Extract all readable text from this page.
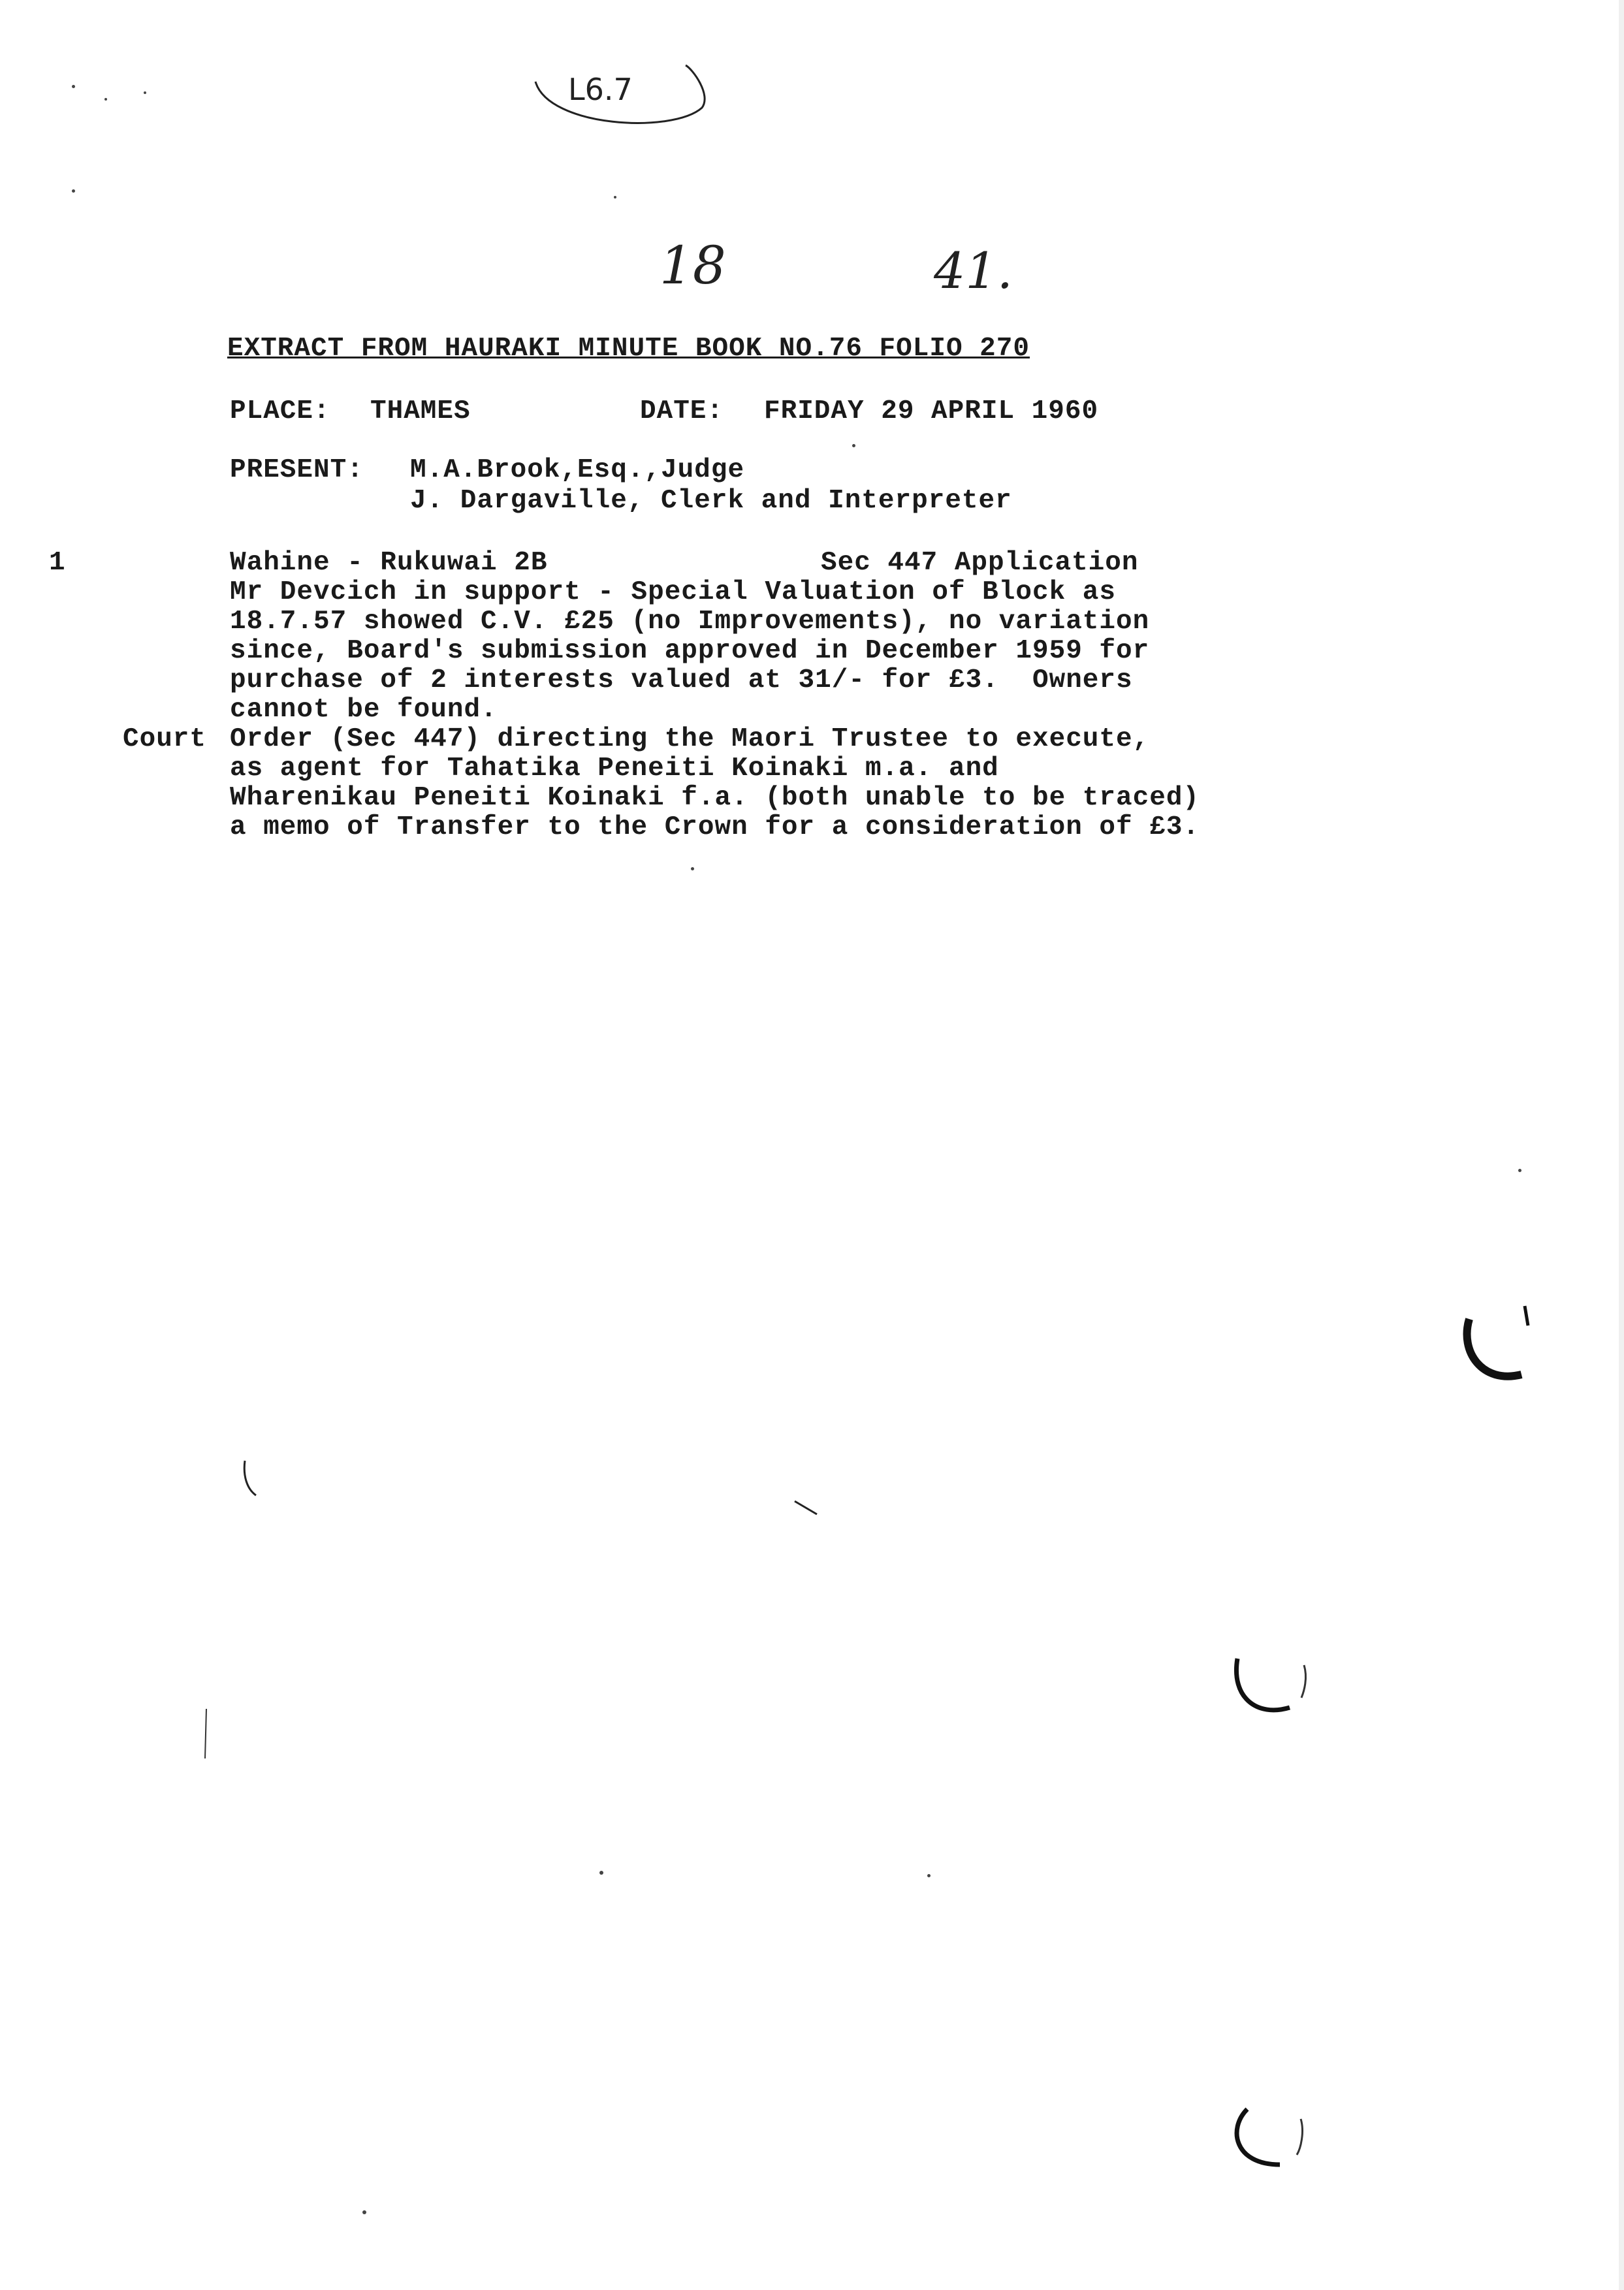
L6.7
18	41.
EXTRACT FROM HAURAKI MINUTE BOOK NO.76 FOLIO 270
PLACE: THAMES	DATE: FRIDAY 29 APRIL 1960
PRESENT: M.A.Brook,Esq.,Judge
J. Dargaville, Clerk and Interpreter
1	Wahine - Rukuwai 2B	Sec 447 Application
Mr Devcich in support - Special Valuation of Block as
18.7.57 showed C.V. £25 (no Improvements), no variation
since, Board's submission approved in December 1959 for
purchase of 2 interests valued at 31/- for £3.  Owners
cannot be found.
Court Order (Sec 447) directing the Maori Trustee to execute,
as agent for Tahatika Peneiti Koinaki m.a. and
Wharenikau Peneiti Koinaki f.a. (both unable to be traced)
a memo of Transfer to the Crown for a consideration of £3.
